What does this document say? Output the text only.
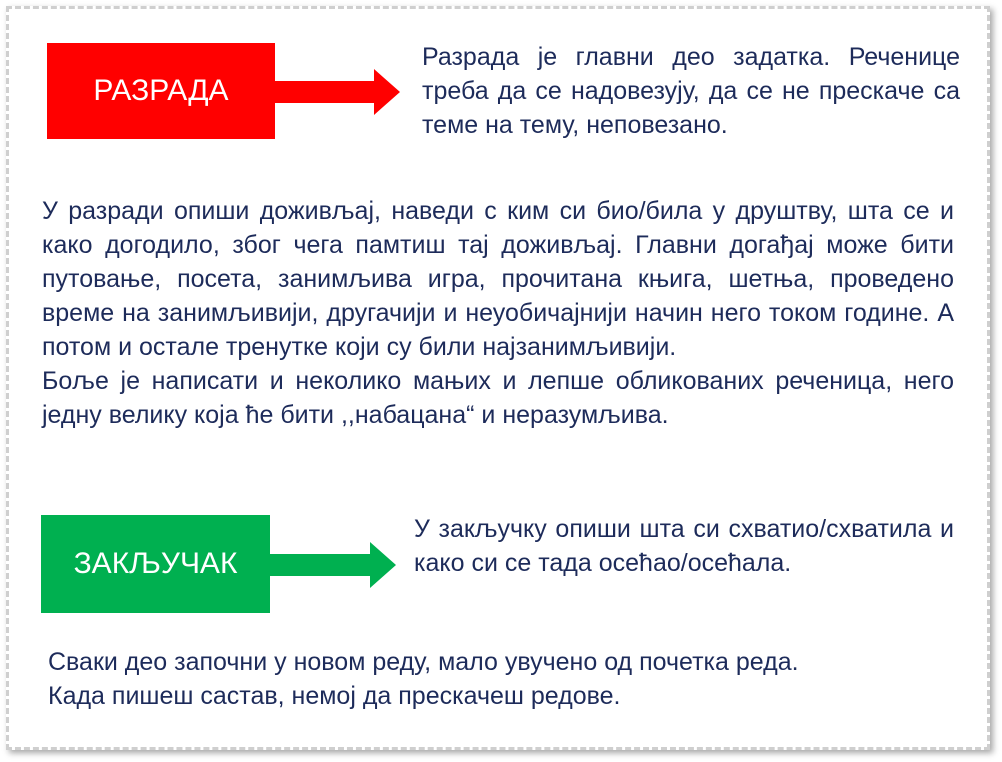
РАЗРАДА
Разрада је главни део задатка. Реченице треба да се надовезују, да се не прескаче са теме на тему, неповезано.

У разради опиши доживљај, наведи с ким си био/била у друштву, шта се и како догодило, због чега памтиш тај доживљај. Главни догађај може бити путовање, посета, занимљива игра, прочитана књига, шетња, проведено време на занимљивији, другачији и неуобичајнији начин него током године. А потом и остале тренутке који су били најзанимљивији.

Боље је написати и неколико мањих и лепше обликованих реченица, него једну велику која ће бити ,,набацана“ и неразумљива.

ЗАКЉУЧАК
У закључку опиши шта си схватио/схватила и како си се тада осећао/осећала.

Сваки део започни у новом реду, мало увучено од почетка реда.

Када пишеш састав, немој да прескачеш редове.
